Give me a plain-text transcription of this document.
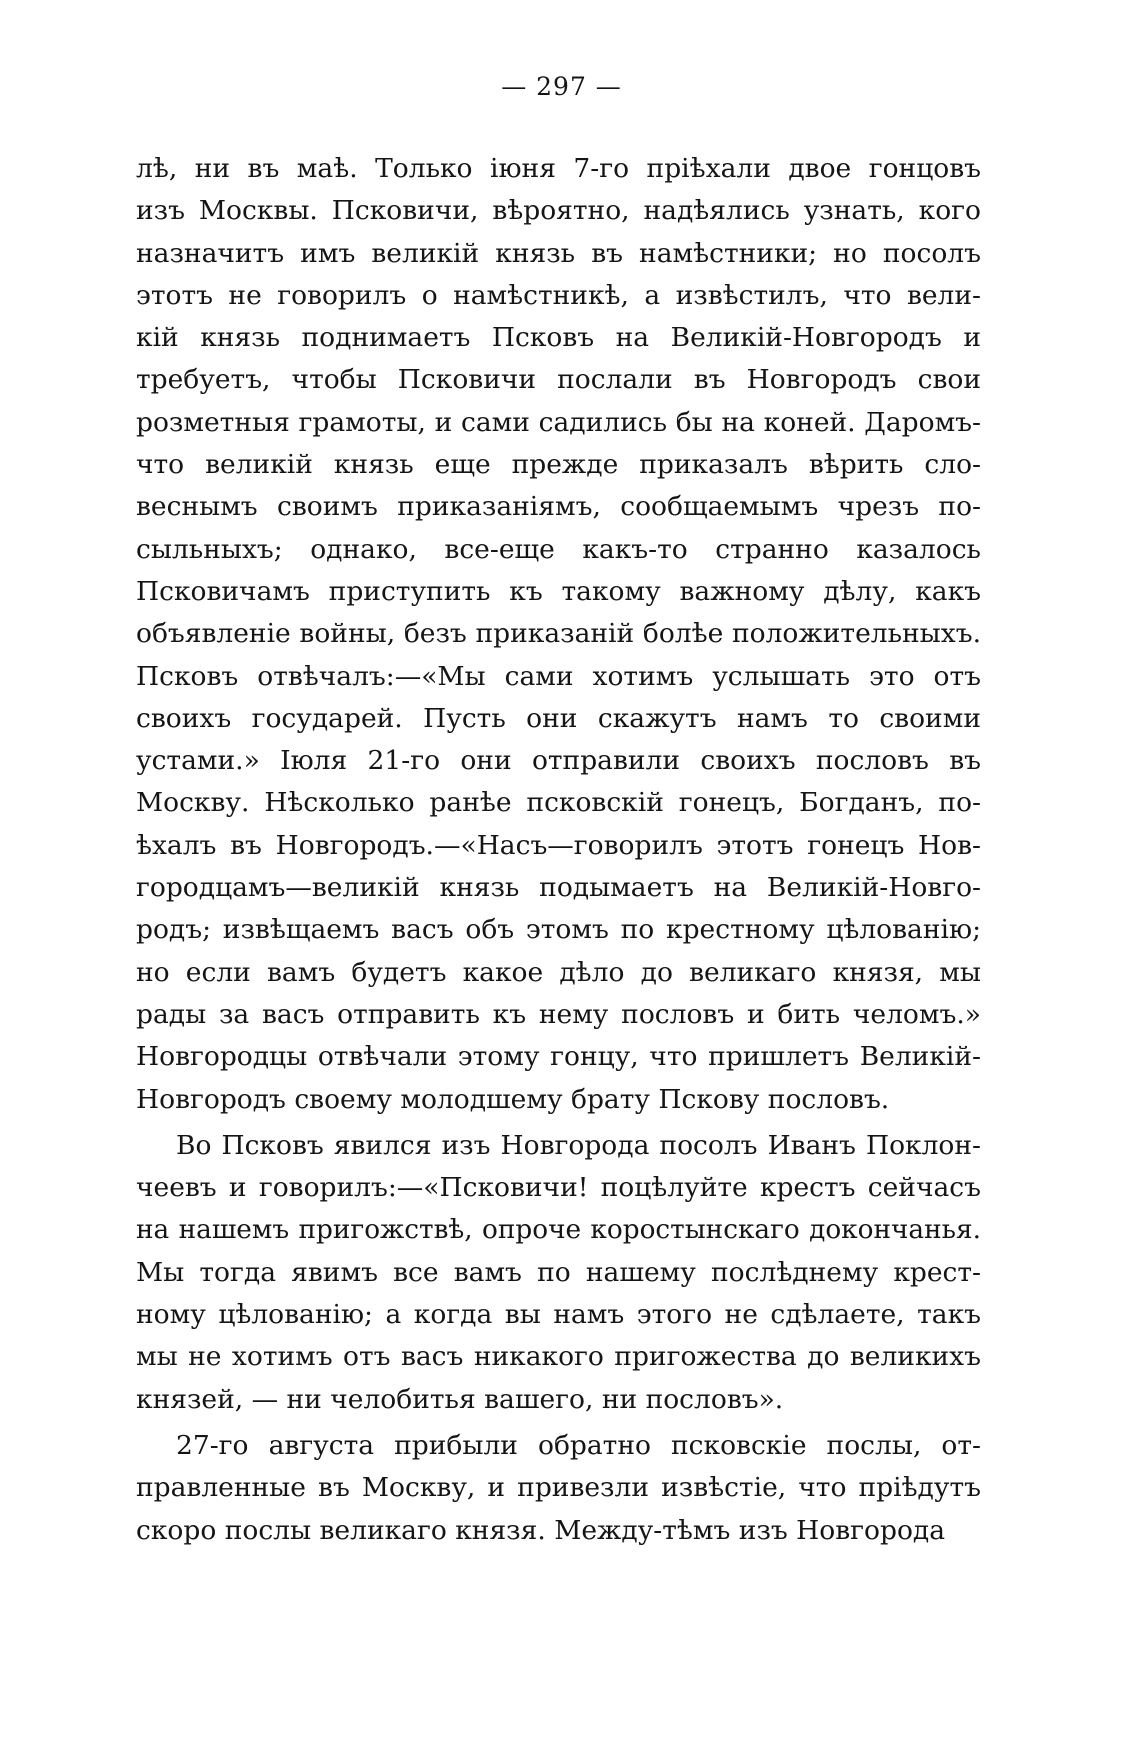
— 297 —
лѣ, ни въ маѣ. Только іюня 7-го пріѣхали двое гонцовъ
изъ Москвы. Псковичи, вѣроятно, надѣялись узнать, кого
назначитъ имъ великій князь въ намѣстники; но посолъ
этотъ не говорилъ о намѣстникѣ, а извѣстилъ, что вели-
кій князь поднимаетъ Псковъ на Великій-Новгородъ и
требуетъ, чтобы Псковичи послали въ Новгородъ свои
розметныя грамоты, и сами садились бы на коней. Даромъ-
что великій князь еще прежде приказалъ вѣрить сло-
веснымъ своимъ приказаніямъ, сообщаемымъ чрезъ по-
сыльныхъ; однако, все-еще какъ-то странно казалось
Псковичамъ приступить къ такому важному дѣлу, какъ
объявленіе войны, безъ приказаній болѣе положительныхъ.
Псковъ отвѣчалъ:—«Мы сами хотимъ услышать это отъ
своихъ государей. Пусть они скажутъ намъ то своими
устами.» Іюля 21-го они отправили своихъ пословъ въ
Москву. Нѣсколько ранѣе псковскій гонецъ, Богданъ, по-
ѣхалъ въ Новгородъ.—«Насъ—говорилъ этотъ гонецъ Нов-
городцамъ—великій князь подымаетъ на Великій-Новго-
родъ; извѣщаемъ васъ объ этомъ по крестному цѣлованію;
но если вамъ будетъ какое дѣло до великаго князя, мы
рады за васъ отправить къ нему пословъ и бить челомъ.»
Новгородцы отвѣчали этому гонцу, что пришлетъ Великій-
Новгородъ своему молодшему брату Пскову пословъ.
Во Псковъ явился изъ Новгорода посолъ Иванъ Поклон-
чеевъ и говорилъ:—«Псковичи! поцѣлуйте крестъ сейчасъ
на нашемъ пригожствѣ, опроче коростынскаго докончанья.
Мы тогда явимъ все вамъ по нашему послѣднему крест-
ному цѣлованію; а когда вы намъ этого не сдѣлаете, такъ
мы не хотимъ отъ васъ никакого пригожества до великихъ
князей, — ни челобитья вашего, ни пословъ».
27-го августа прибыли обратно псковскіе послы, от-
правленные въ Москву, и привезли извѣстіе, что пріѣдутъ
скоро послы великаго князя. Между-тѣмъ изъ Новгорода
